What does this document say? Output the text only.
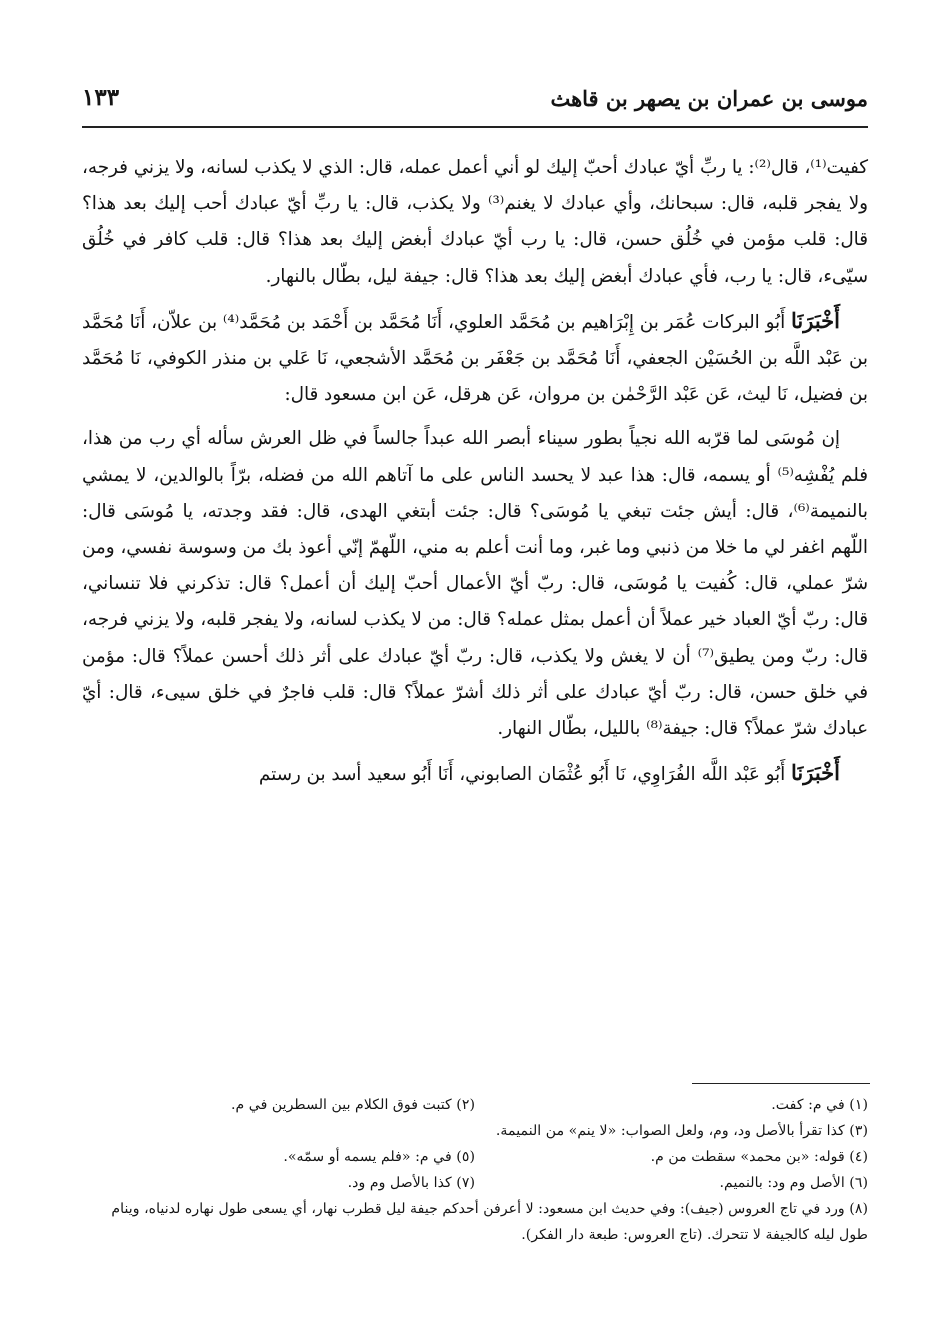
موسى بن عمران بن يصهر بن قاهث
١٣٣

كفيت⁽¹⁾، قال⁽²⁾: يا ربِّ أيّ عبادك أحبّ إليك لو أني أعمل عمله، قال: الذي لا يكذب لسانه، ولا يزني فرجه، ولا يفجر قلبه، قال: سبحانك، وأي عبادك لا يغنم⁽³⁾ ولا يكذب، قال: يا ربِّ أيّ عبادك أحب إليك بعد هذا؟ قال: قلب مؤمن في خُلُق حسن، قال: يا رب أيّ عبادك أبغض إليك بعد هذا؟ قال: قلب كافر في خُلُق سيّىء، قال: يا رب، فأي عبادك أبغض إليك بعد هذا؟ قال: جيفة ليل، بطّال بالنهار.

أَخْبَرَنَا أَبُو البركات عُمَر بن إِبْرَاهيم بن مُحَمَّد العلوي، أَنَا مُحَمَّد بن أَحْمَد بن مُحَمَّد⁽⁴⁾ بن علاّن، أَنَا مُحَمَّد بن عَبْد اللَّه بن الحُسَيْن الجعفي، أَنَا مُحَمَّد بن جَعْفَر بن مُحَمَّد الأشجعي، نَا عَلي بن منذر الكوفي، نَا مُحَمَّد بن فضيل، نَا ليث، عَن عَبْد الرَّحْمٰن بن مروان، عَن هرقل، عَن ابن مسعود قال:

إن مُوسَى لما قرّبه الله نجياً بطور سيناء أبصر الله عبداً جالساً في ظل العرش سأله أي رب من هذا، فلم يُفْشِه⁽⁵⁾ أو يسمه، قال: هذا عبد لا يحسد الناس على ما آتاهم الله من فضله، برّاً بالوالدين، لا يمشي بالنميمة⁽⁶⁾، قال: أيش جئت تبغي يا مُوسَى؟ قال: جئت أبتغي الهدى، قال: فقد وجدته، يا مُوسَى قال: اللّهم اغفر لي ما خلا من ذنبي وما غبر، وما أنت أعلم به مني، اللّهمّ إنّي أعوذ بك من وسوسة نفسي، ومن شرّ عملي، قال: كُفيت يا مُوسَى، قال: ربّ أيّ الأعمال أحبّ إليك أن أعمل؟ قال: تذكرني فلا تنساني، قال: ربّ أيّ العباد خير عملاً أن أعمل بمثل عمله؟ قال: من لا يكذب لسانه، ولا يفجر قلبه، ولا يزني فرجه، قال: ربّ ومن يطيق⁽⁷⁾ أن لا يغش ولا يكذب، قال: ربّ أيّ عبادك على أثر ذلك أحسن عملاً؟ قال: مؤمن في خلق حسن، قال: ربّ أيّ عبادك على أثر ذلك أشرّ عملاً؟ قال: قلب فاجرٌ في خلق سيىء، قال: أيّ عبادك شرّ عملاً؟ قال: جيفة⁽⁸⁾ بالليل، بطّال النهار.

أَخْبَرَنَا أَبُو عَبْد اللَّه الفُرَاوِي، نَا أَبُو عُثْمَان الصابوني، أَنَا أَبُو سعيد أسد بن رستم

(١) في م: كفت.
(٢) كتبت فوق الكلام بين السطرين في م.
(٣) كذا تقرأ بالأصل ود، وم، ولعل الصواب: «لا ينم» من النميمة.
(٤) قوله: «بن محمد» سقطت من م.
(٥) في م: «فلم يسمه أو سمّه».
(٦) الأصل وم ود: بالنميم.
(٧) كذا بالأصل وم ود.
(٨) ورد في تاج العروس (جيف): وفي حديث ابن مسعود: لا أعرفن أحدكم جيفة ليل قطرب نهار، أي يسعى طول نهاره لدنياه، وينام طول ليله كالجيفة لا تتحرك. (تاج العروس: طبعة دار الفكر).
